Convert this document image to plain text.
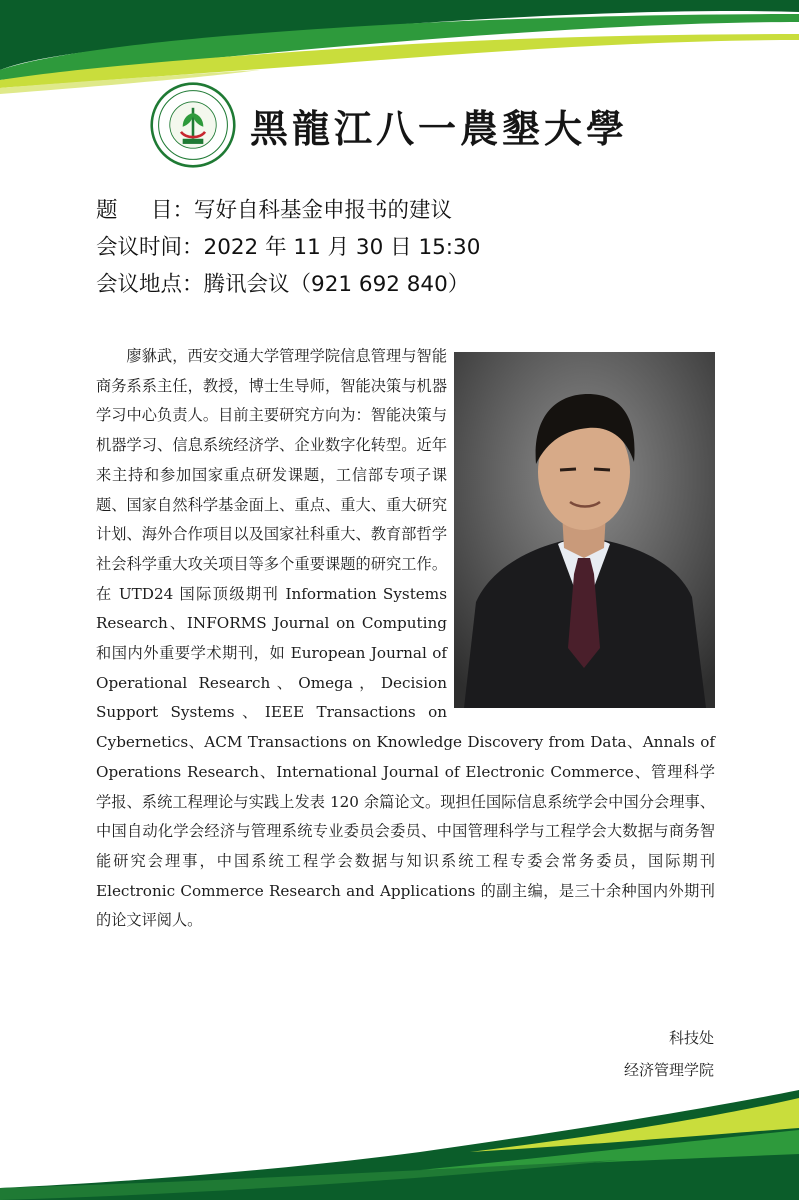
黑龍江八一農墾大學
题 目： 写好自科基金申报书的建议
会议时间：2022 年 11 月 30 日 15:30
会议地点：腾讯会议（921 692 840）

廖貅武，西安交通大学管理学院信息管理与智能商务系系主任，教授，博士生导师，智能决策与机器学习中心负责人。目前主要研究方向为：智能决策与机器学习、信息系统经济学、企业数字化转型。近年来主持和参加国家重点研发课题，工信部专项子课题、国家自然科学基金面上、重点、重大、重大研究计划、海外合作项目以及国家社科重大、教育部哲学社会科学重大攻关项目等多个重要课题的研究工作。在 UTD24 国际顶级期刊 Information Systems Research、INFORMS Journal on Computing 和国内外重要学术期刊，如 European Journal of Operational Research、Omega，Decision Support Systems、IEEE Transactions on Cybernetics、ACM Transactions on Knowledge Discovery from Data、Annals of Operations Research、International Journal of Electronic Commerce、管理科学学报、系统工程理论与实践上发表 120 余篇论文。现担任国际信息系统学会中国分会理事、中国自动化学会经济与管理系统专业委员会委员、中国管理科学与工程学会大数据与商务智能研究会理事，中国系统工程学会数据与知识系统工程专委会常务委员，国际期刊 Electronic Commerce Research and Applications 的副主编，是三十余种国内外期刊的论文评阅人。

科技处
经济管理学院
